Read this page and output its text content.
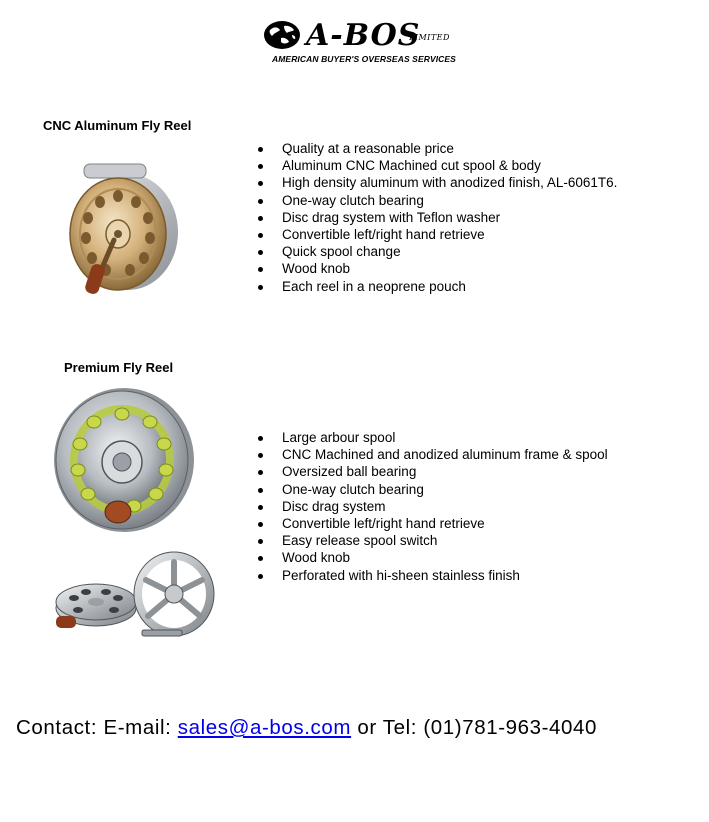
A-BOS
LIMITED
AMERICAN BUYER'S OVERSEAS SERVICES
CNC Aluminum Fly Reel
Quality at a reasonable price
Aluminum CNC Machined cut spool & body
High density aluminum with anodized finish, AL-6061T6.
One-way clutch bearing
Disc drag system with Teflon washer
Convertible left/right hand retrieve
Quick spool change
Wood knob
Each reel in a neoprene pouch
Premium Fly Reel
Large arbour spool
CNC Machined and anodized aluminum frame & spool
Oversized ball bearing
One-way clutch bearing
Disc drag system
Convertible left/right hand retrieve
Easy release spool switch
Wood knob
Perforated with hi-sheen stainless finish
Contact: E-mail: sales@a-bos.com or Tel: (01)781-963-4040
